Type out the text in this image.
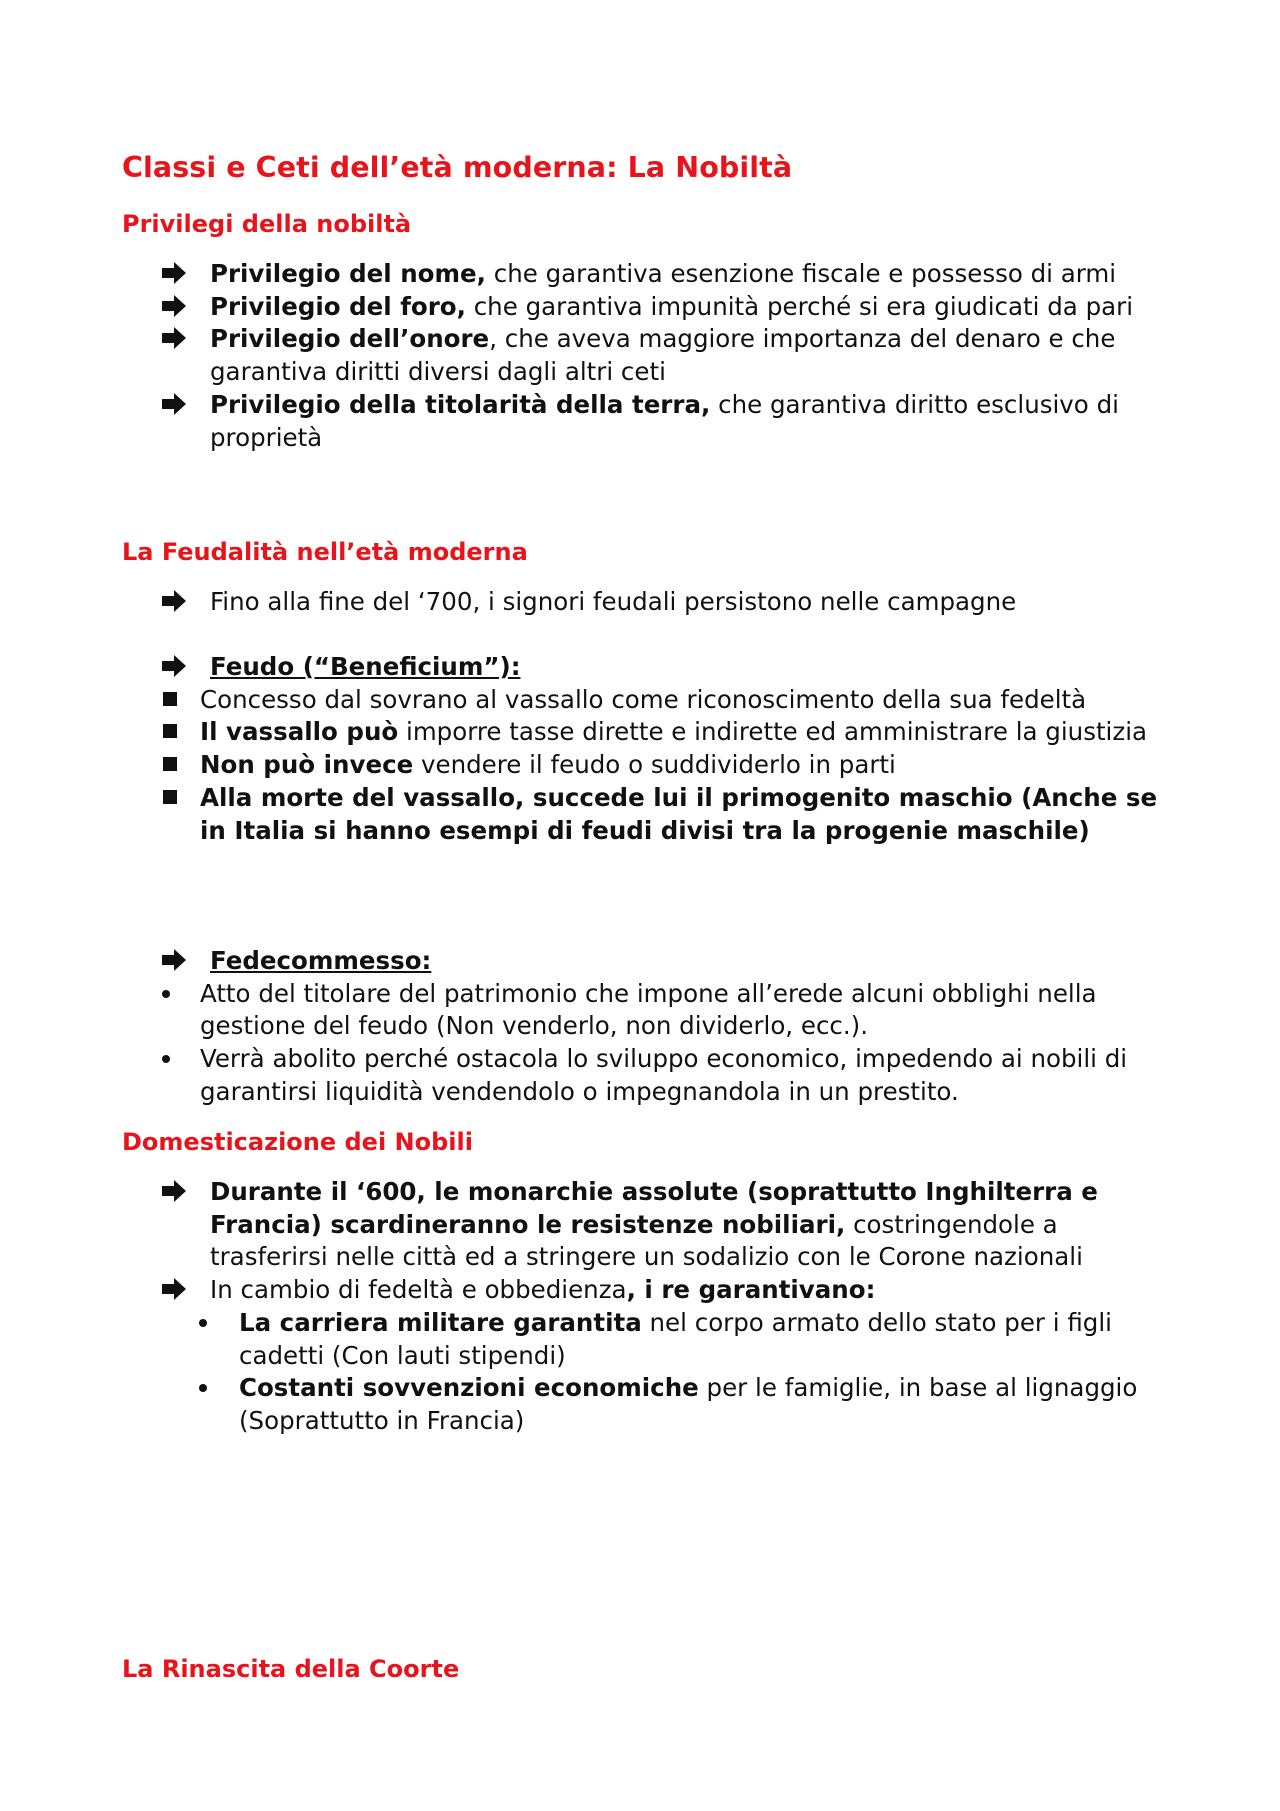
Classi e Ceti dell’età moderna: La Nobiltà
Privilegi della nobiltà
Privilegio del nome, che garantiva esenzione fiscale e possesso di armi
Privilegio del foro, che garantiva impunità perché si era giudicati da pari
Privilegio dell’onore, che aveva maggiore importanza del denaro e che garantiva diritti diversi dagli altri ceti
Privilegio della titolarità della terra, che garantiva diritto esclusivo di proprietà
La Feudalità nell’età moderna
Fino alla fine del ‘700, i signori feudali persistono nelle campagne
Feudo (“Beneficium”):
Concesso dal sovrano al vassallo come riconoscimento della sua fedeltà
Il vassallo può imporre tasse dirette e indirette ed amministrare la giustizia
Non può invece vendere il feudo o suddividerlo in parti
Alla morte del vassallo, succede lui il primogenito maschio (Anche se in Italia si hanno esempi di feudi divisi tra la progenie maschile)
Fedecommesso:
Atto del titolare del patrimonio che impone all’erede alcuni obblighi nella gestione del feudo (Non venderlo, non dividerlo, ecc.).
Verrà abolito perché ostacola lo sviluppo economico, impedendo ai nobili di garantirsi liquidità vendendolo o impegnandola in un prestito.
Domesticazione dei Nobili
Durante il ‘600, le monarchie assolute (soprattutto Inghilterra e Francia) scardineranno le resistenze nobiliari, costringendole a trasferirsi nelle città ed a stringere un sodalizio con le Corone nazionali
In cambio di fedeltà e obbedienza, i re garantivano:
La carriera militare garantita nel corpo armato dello stato per i figli cadetti (Con lauti stipendi)
Costanti sovvenzioni economiche per le famiglie, in base al lignaggio (Soprattutto in Francia)
La Rinascita della Coorte
